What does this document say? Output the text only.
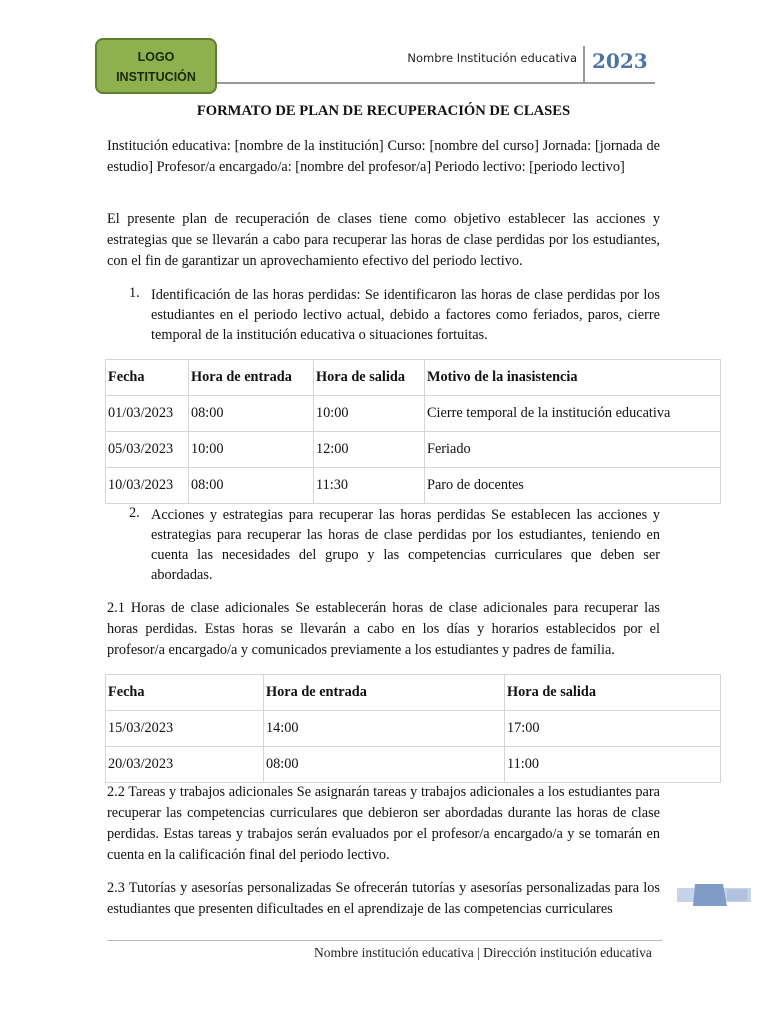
LOGO
INSTITUCIÓN
Nombre Institución educativa 2023
FORMATO DE PLAN DE RECUPERACIÓN DE CLASES
Institución educativa: [nombre de la institución] Curso: [nombre del curso] Jornada: [jornada de estudio] Profesor/a encargado/a: [nombre del profesor/a] Periodo lectivo: [periodo lectivo]
El presente plan de recuperación de clases tiene como objetivo establecer las acciones y estrategias que se llevarán a cabo para recuperar las horas de clase perdidas por los estudiantes, con el fin de garantizar un aprovechamiento efectivo del periodo lectivo.
1. Identificación de las horas perdidas: Se identificaron las horas de clase perdidas por los estudiantes en el periodo lectivo actual, debido a factores como feriados, paros, cierre temporal de la institución educativa o situaciones fortuitas.
Fecha	Hora de entrada	Hora de salida	Motivo de la inasistencia
01/03/2023	08:00	10:00	Cierre temporal de la institución educativa
05/03/2023	10:00	12:00	Feriado
10/03/2023	08:00	11:30	Paro de docentes
2. Acciones y estrategias para recuperar las horas perdidas Se establecen las acciones y estrategias para recuperar las horas de clase perdidas por los estudiantes, teniendo en cuenta las necesidades del grupo y las competencias curriculares que deben ser abordadas.
2.1 Horas de clase adicionales Se establecerán horas de clase adicionales para recuperar las horas perdidas. Estas horas se llevarán a cabo en los días y horarios establecidos por el profesor/a encargado/a y comunicados previamente a los estudiantes y padres de familia.
Fecha	Hora de entrada	Hora de salida
15/03/2023	14:00	17:00
20/03/2023	08:00	11:00
2.2 Tareas y trabajos adicionales Se asignarán tareas y trabajos adicionales a los estudiantes para recuperar las competencias curriculares que debieron ser abordadas durante las horas de clase perdidas. Estas tareas y trabajos serán evaluados por el profesor/a encargado/a y se tomarán en cuenta en la calificación final del periodo lectivo.
2.3 Tutorías y asesorías personalizadas Se ofrecerán tutorías y asesorías personalizadas para los estudiantes que presenten dificultades en el aprendizaje de las competencias curriculares
Nombre institución educativa | Dirección institución educativa
